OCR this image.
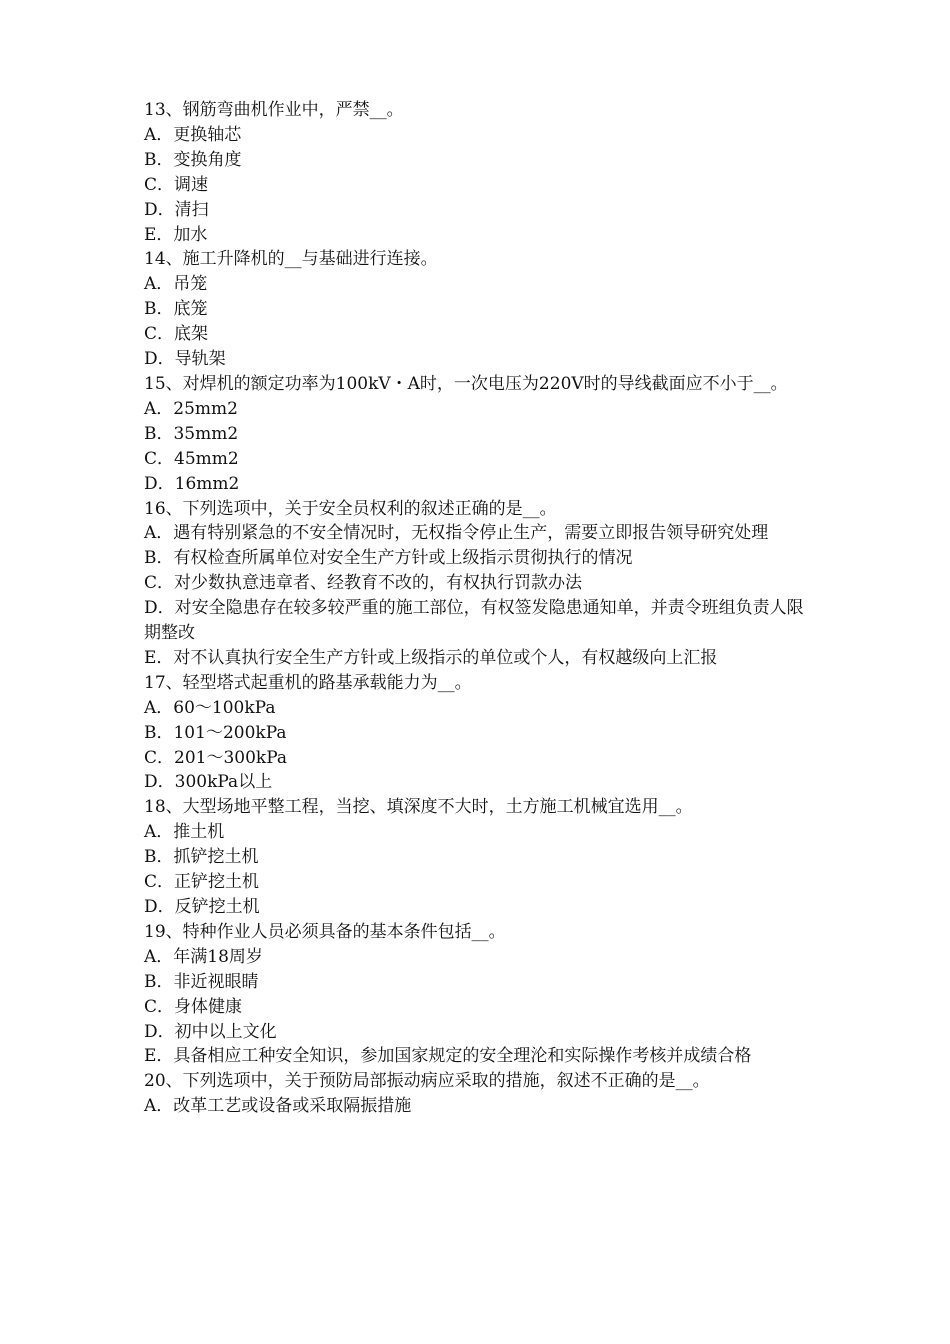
13、钢筋弯曲机作业中，严禁__。

A．更换轴芯

B．变换角度

C．调速

D．清扫

E．加水

14、施工升降机的__与基础进行连接。

A．吊笼

B．底笼

C．底架

D．导轨架

15、对焊机的额定功率为100kV・A时，一次电压为220V时的导线截面应不小于__。

A．25mm2

B．35mm2

C．45mm2

D．16mm2

16、下列选项中，关于安全员权利的叙述正确的是__。

A．遇有特别紧急的不安全情况时，无权指令停止生产，需要立即报告领导研究处理

B．有权检查所属单位对安全生产方针或上级指示贯彻执行的情况

C．对少数执意违章者、经教育不改的，有权执行罚款办法

D．对安全隐患存在较多较严重的施工部位，有权签发隐患通知单，并责令班组负责人限期整改

E．对不认真执行安全生产方针或上级指示的单位或个人，有权越级向上汇报

17、轻型塔式起重机的路基承载能力为__。

A．60～100kPa

B．101～200kPa

C．201～300kPa

D．300kPa以上

18、大型场地平整工程，当挖、填深度不大时，土方施工机械宜选用__。

A．推土机

B．抓铲挖土机

C．正铲挖土机

D．反铲挖土机

19、特种作业人员必须具备的基本条件包括__。

A．年满18周岁

B．非近视眼睛

C．身体健康

D．初中以上文化

E．具备相应工种安全知识，参加国家规定的安全理沦和实际操作考核并成绩合格

20、下列选项中，关于预防局部振动病应采取的措施，叙述不正确的是__。

A．改革工艺或设备或采取隔振措施
